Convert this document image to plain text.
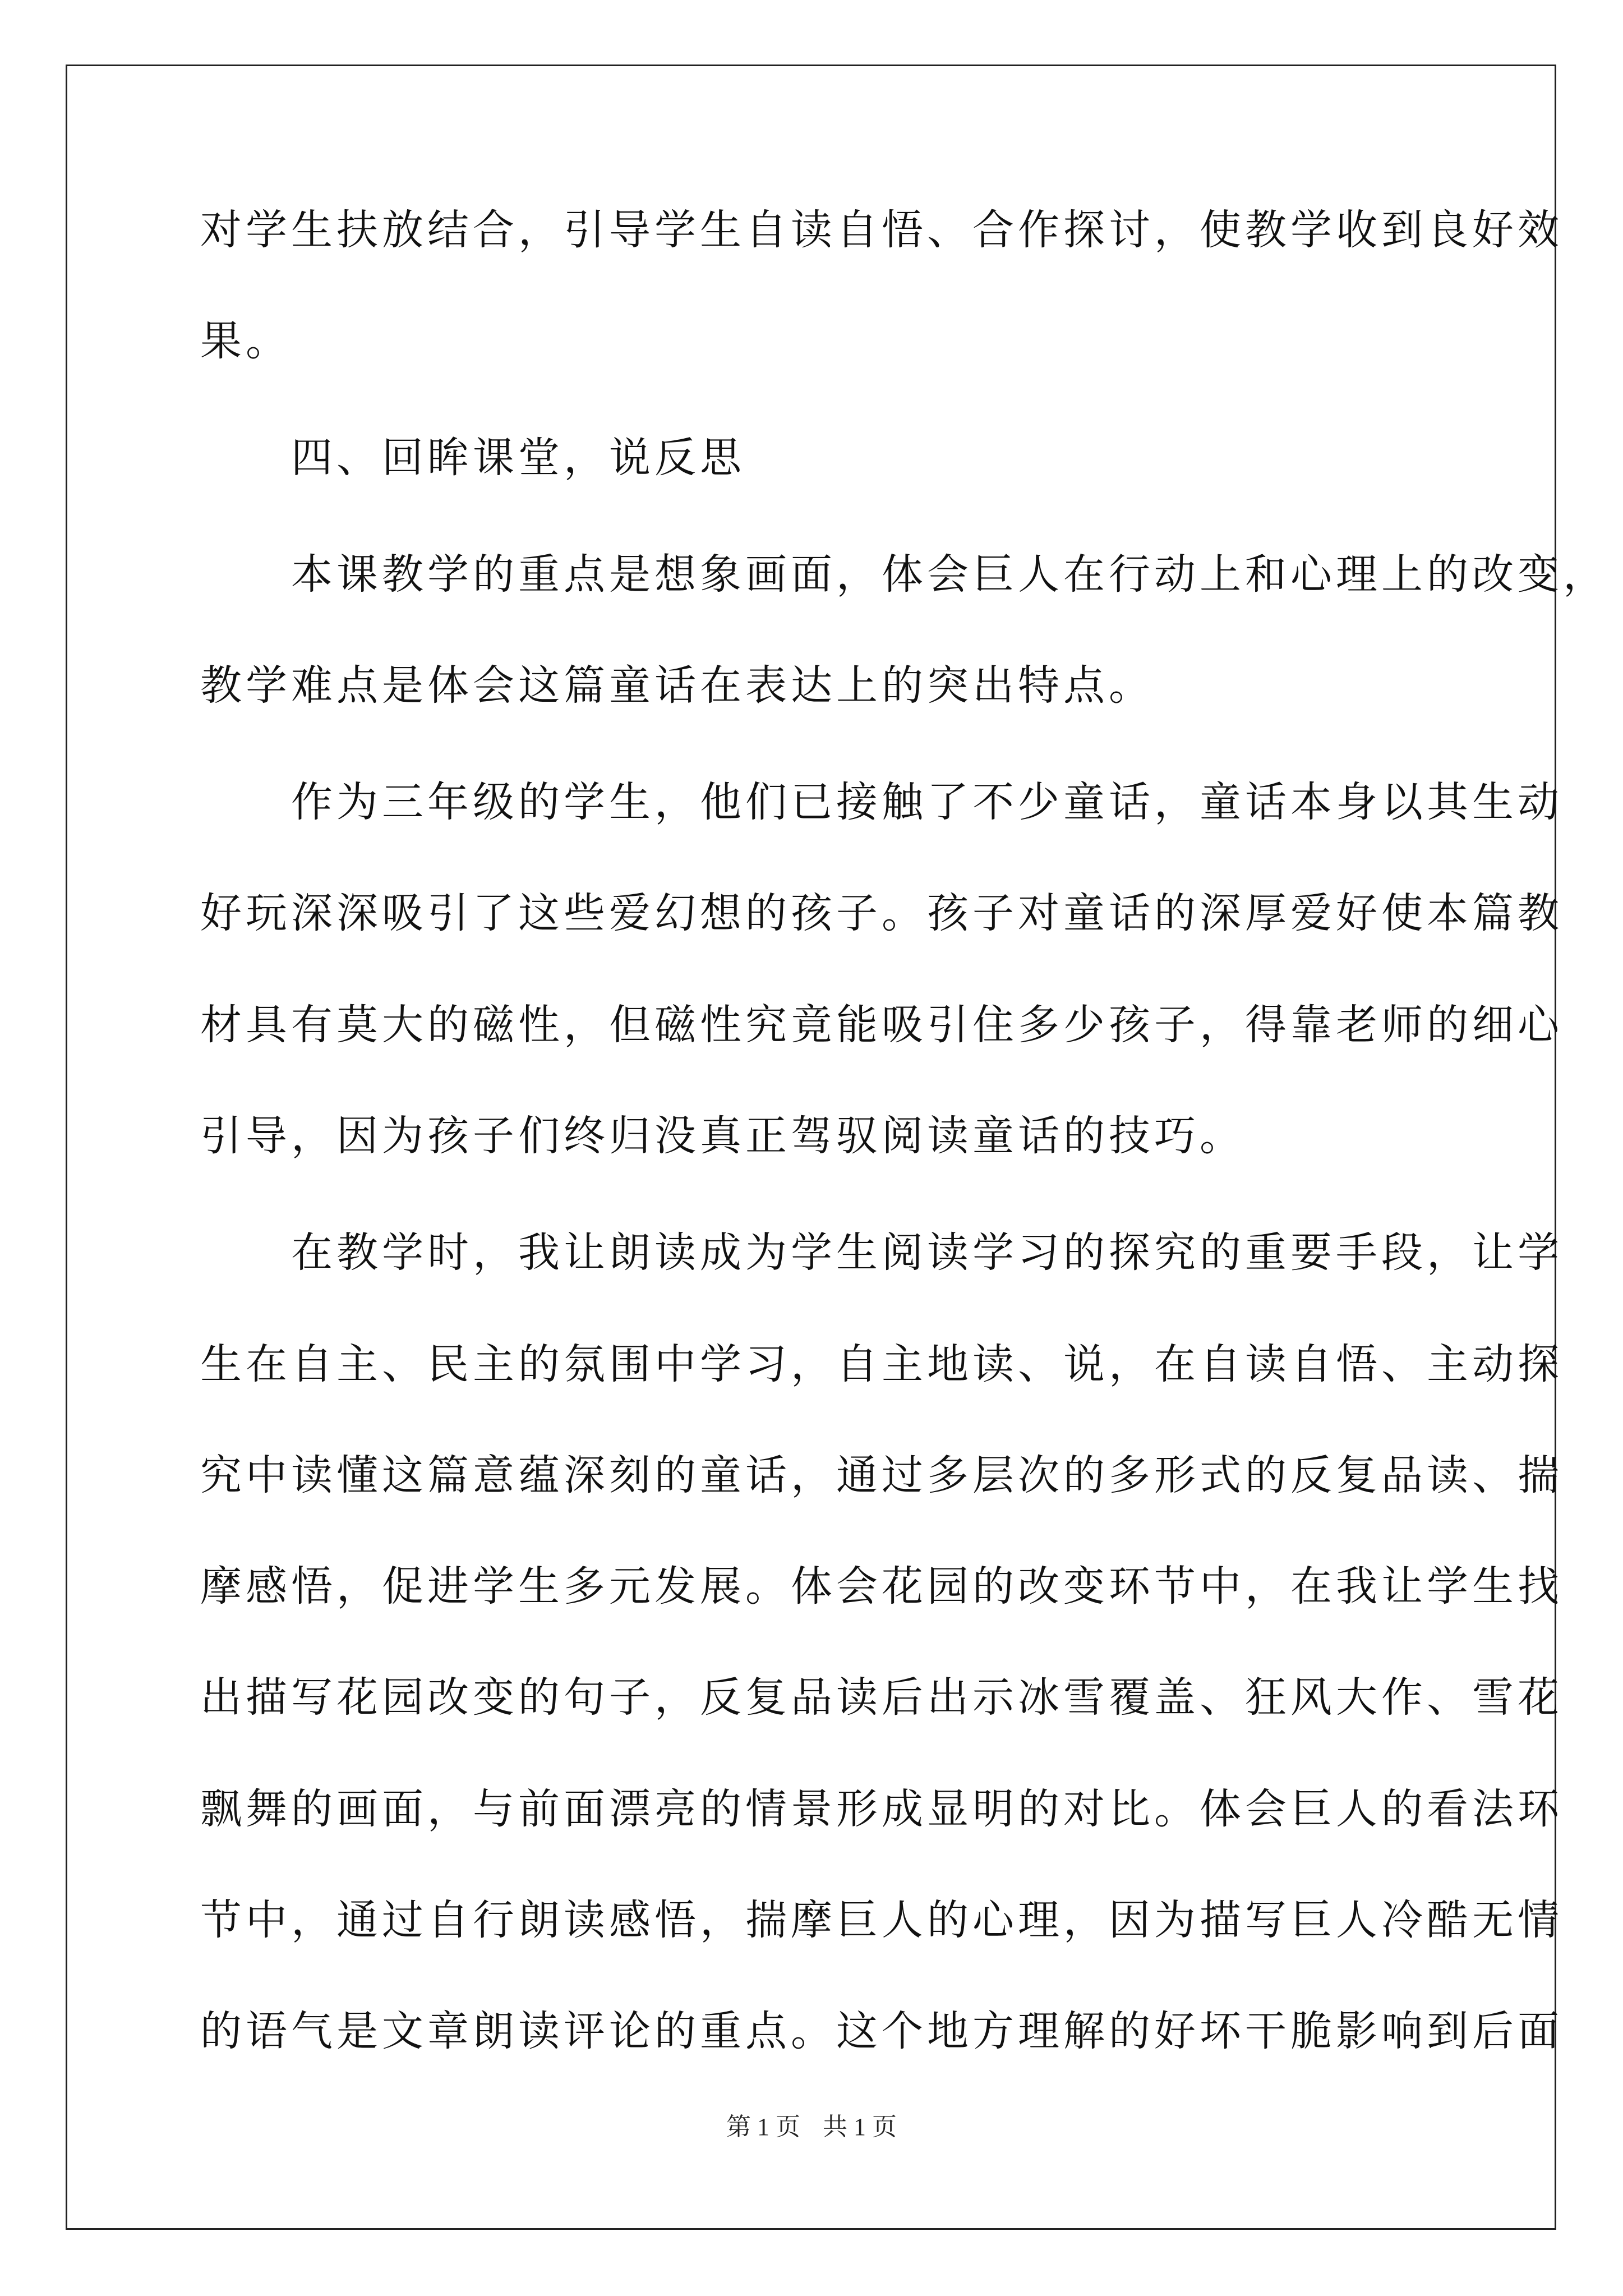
对学生扶放结合，引导学生自读自悟、合作探讨，使教学收到良好效
果。
　　四、回眸课堂，说反思
　　本课教学的重点是想象画面，体会巨人在行动上和心理上的改变，
教学难点是体会这篇童话在表达上的突出特点。
　　作为三年级的学生，他们已接触了不少童话，童话本身以其生动
好玩深深吸引了这些爱幻想的孩子。孩子对童话的深厚爱好使本篇教
材具有莫大的磁性，但磁性究竟能吸引住多少孩子，得靠老师的细心
引导，因为孩子们终归没真正驾驭阅读童话的技巧。
　　在教学时，我让朗读成为学生阅读学习的探究的重要手段，让学
生在自主、民主的氛围中学习，自主地读、说，在自读自悟、主动探
究中读懂这篇意蕴深刻的童话，通过多层次的多形式的反复品读、揣
摩感悟，促进学生多元发展。体会花园的改变环节中，在我让学生找
出描写花园改变的句子，反复品读后出示冰雪覆盖、狂风大作、雪花
飘舞的画面，与前面漂亮的情景形成显明的对比。体会巨人的看法环
节中，通过自行朗读感悟，揣摩巨人的心理，因为描写巨人冷酷无情
的语气是文章朗读评论的重点。这个地方理解的好坏干脆影响到后面
第 1 页 共 1 页
